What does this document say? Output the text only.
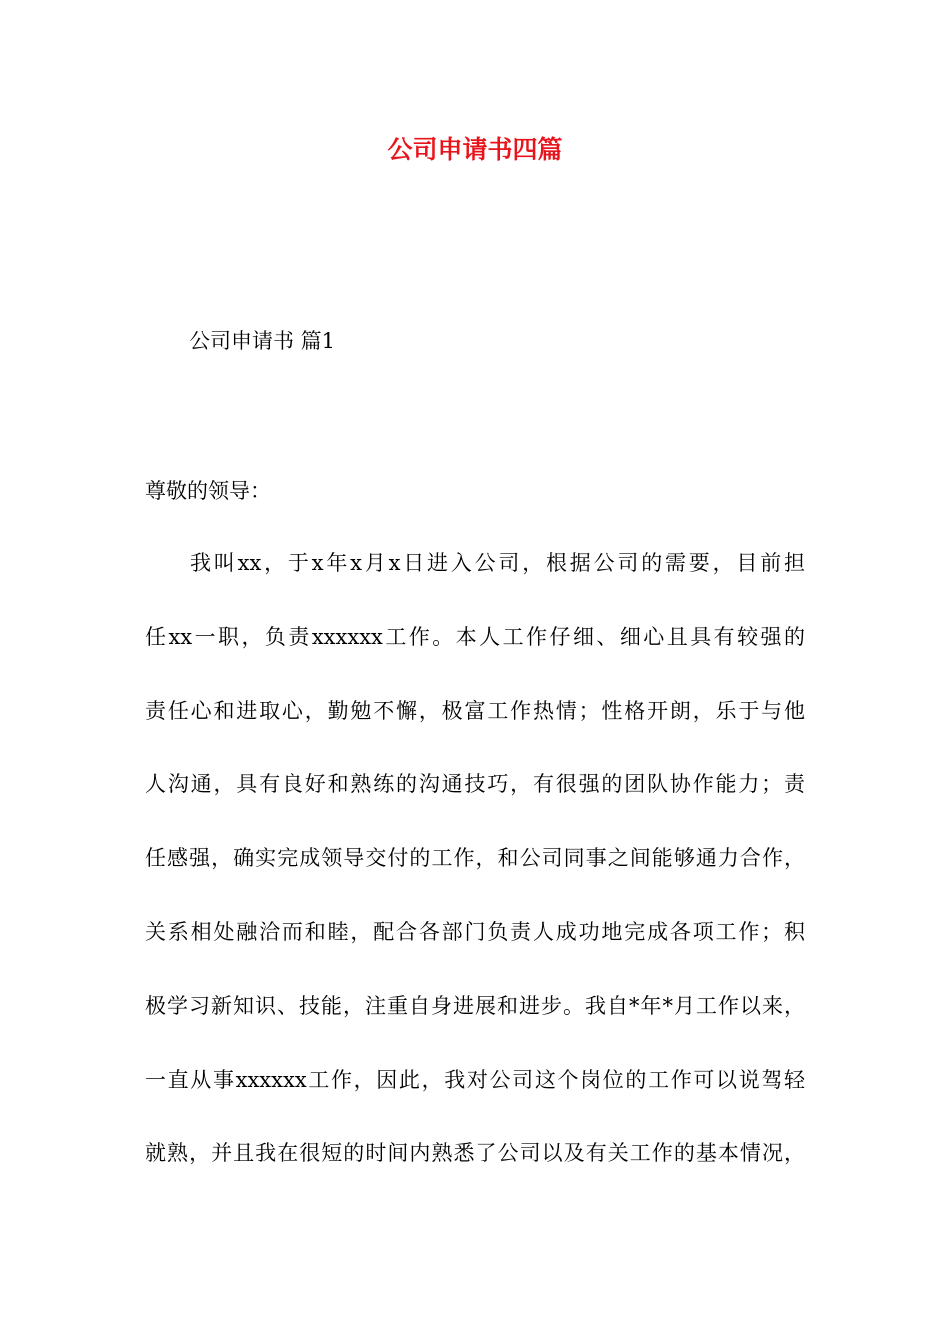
公司申请书四篇

公司申请书 篇1

尊敬的领导：

我叫xx，于x年x月x日进入公司，根据公司的需要，目前担
任xx一职，负责xxxxxx工作。本人工作仔细、细心且具有较强的
责任心和进取心，勤勉不懈，极富工作热情；性格开朗，乐于与他
人沟通，具有良好和熟练的沟通技巧，有很强的团队协作能力；责
任感强，确实完成领导交付的工作，和公司同事之间能够通力合作，
关系相处融洽而和睦，配合各部门负责人成功地完成各项工作；积
极学习新知识、技能，注重自身进展和进步。我自*年*月工作以来，
一直从事xxxxxx工作，因此，我对公司这个岗位的工作可以说驾轻
就熟，并且我在很短的时间内熟悉了公司以及有关工作的基本情况，
